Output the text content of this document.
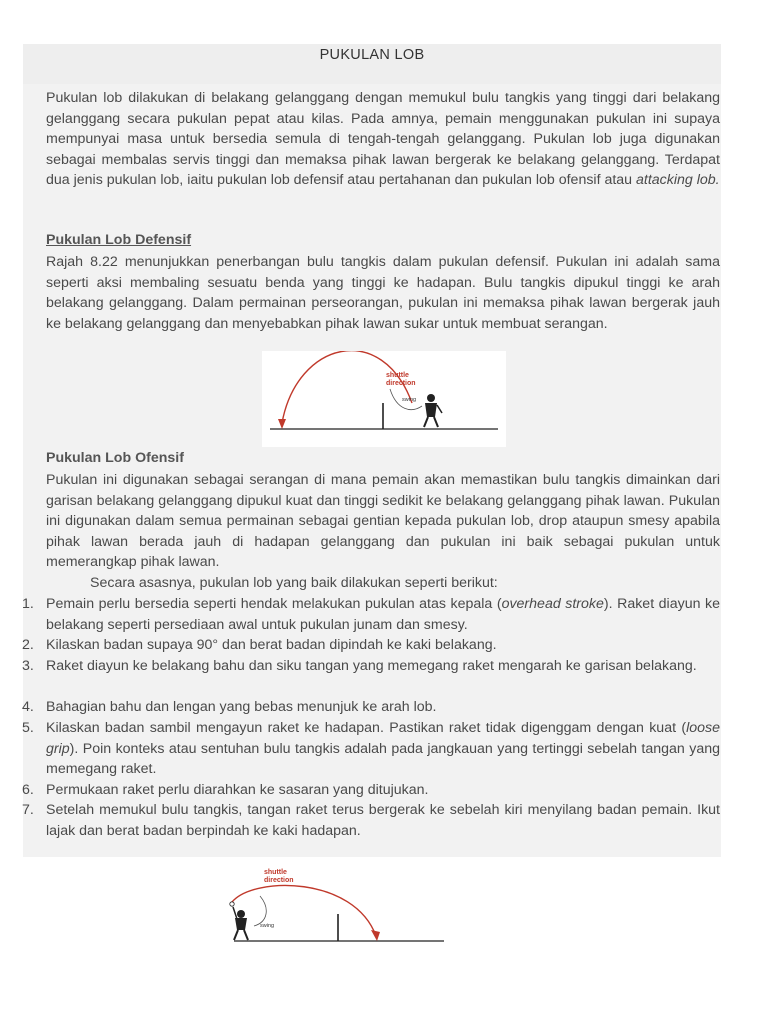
PUKULAN LOB
Pukulan lob dilakukan di belakang gelanggang dengan memukul bulu tangkis yang tinggi dari belakang gelanggang secara pukulan pepat atau kilas. Pada amnya, pemain menggunakan pukulan ini supaya mempunyai masa untuk bersedia semula di tengah-tengah gelanggang. Pukulan lob juga digunakan sebagai membalas servis tinggi dan memaksa pihak lawan bergerak ke belakang gelanggang. Terdapat dua jenis pukulan lob, iaitu pukulan lob defensif atau pertahanan dan pukulan lob ofensif atau attacking lob.
Pukulan Lob Defensif
Rajah 8.22 menunjukkan penerbangan bulu tangkis dalam pukulan defensif. Pukulan ini adalah sama seperti aksi membaling sesuatu benda yang tinggi ke hadapan. Bulu tangkis dipukul tinggi ke arah belakang gelanggang. Dalam permainan perseorangan, pukulan ini memaksa pihak lawan bergerak jauh ke belakang gelanggang dan menyebabkan pihak lawan sukar untuk membuat serangan.
shuttle
direction
swing
Pukulan Lob Ofensif
Pukulan ini digunakan sebagai serangan di mana pemain akan memastikan bulu tangkis dimainkan dari garisan belakang gelanggang dipukul kuat dan tinggi sedikit ke belakang gelanggang pihak lawan. Pukulan ini digunakan dalam semua permainan sebagai gentian kepada pukulan lob, drop ataupun smesy apabila pihak lawan berada jauh di hadapan gelanggang dan pukulan ini baik sebagai pukulan untuk memerangkap pihak lawan.
Secara asasnya, pukulan lob yang baik dilakukan seperti berikut:
1. Pemain perlu bersedia seperti hendak melakukan pukulan atas kepala (overhead stroke). Raket diayun ke belakang seperti persediaan awal untuk pukulan junam dan smesy.
2. Kilaskan badan supaya 90° dan berat badan dipindah ke kaki belakang.
3. Raket diayun ke belakang bahu dan siku tangan yang memegang raket mengarah ke garisan belakang.
4. Bahagian bahu dan lengan yang bebas menunjuk ke arah lob.
5. Kilaskan badan sambil mengayun raket ke hadapan. Pastikan raket tidak digenggam dengan kuat (loose grip). Poin konteks atau sentuhan bulu tangkis adalah pada jangkauan yang tertinggi sebelah tangan yang memegang raket.
6. Permukaan raket perlu diarahkan ke sasaran yang ditujukan.
7. Setelah memukul bulu tangkis, tangan raket terus bergerak ke sebelah kiri menyilang badan pemain. Ikut lajak dan berat badan berpindah ke kaki hadapan.
shuttle
direction
swing
